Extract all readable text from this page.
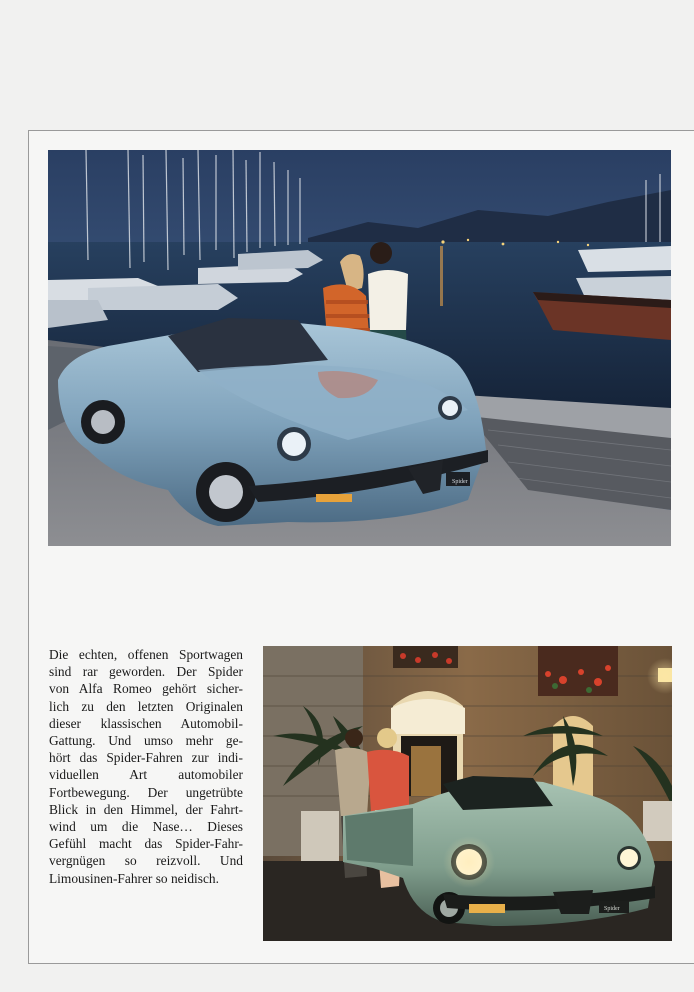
Spider
Die echten, offenen Sportwagen
sind rar geworden. Der Spider
von Alfa Romeo gehört sicher-
lich zu den letzten Originalen
dieser klassischen Automobil-
Gattung. Und umso mehr ge-
hört das Spider-Fahren zur indi-
viduellen Art automobiler
Fortbewegung. Der ungetrübte
Blick in den Himmel, der Fahrt-
wind um die Nase… Dieses
Gefühl macht das Spider-Fahr-
vergnügen so reizvoll. Und
Limousinen-Fahrer so neidisch.
Spider
